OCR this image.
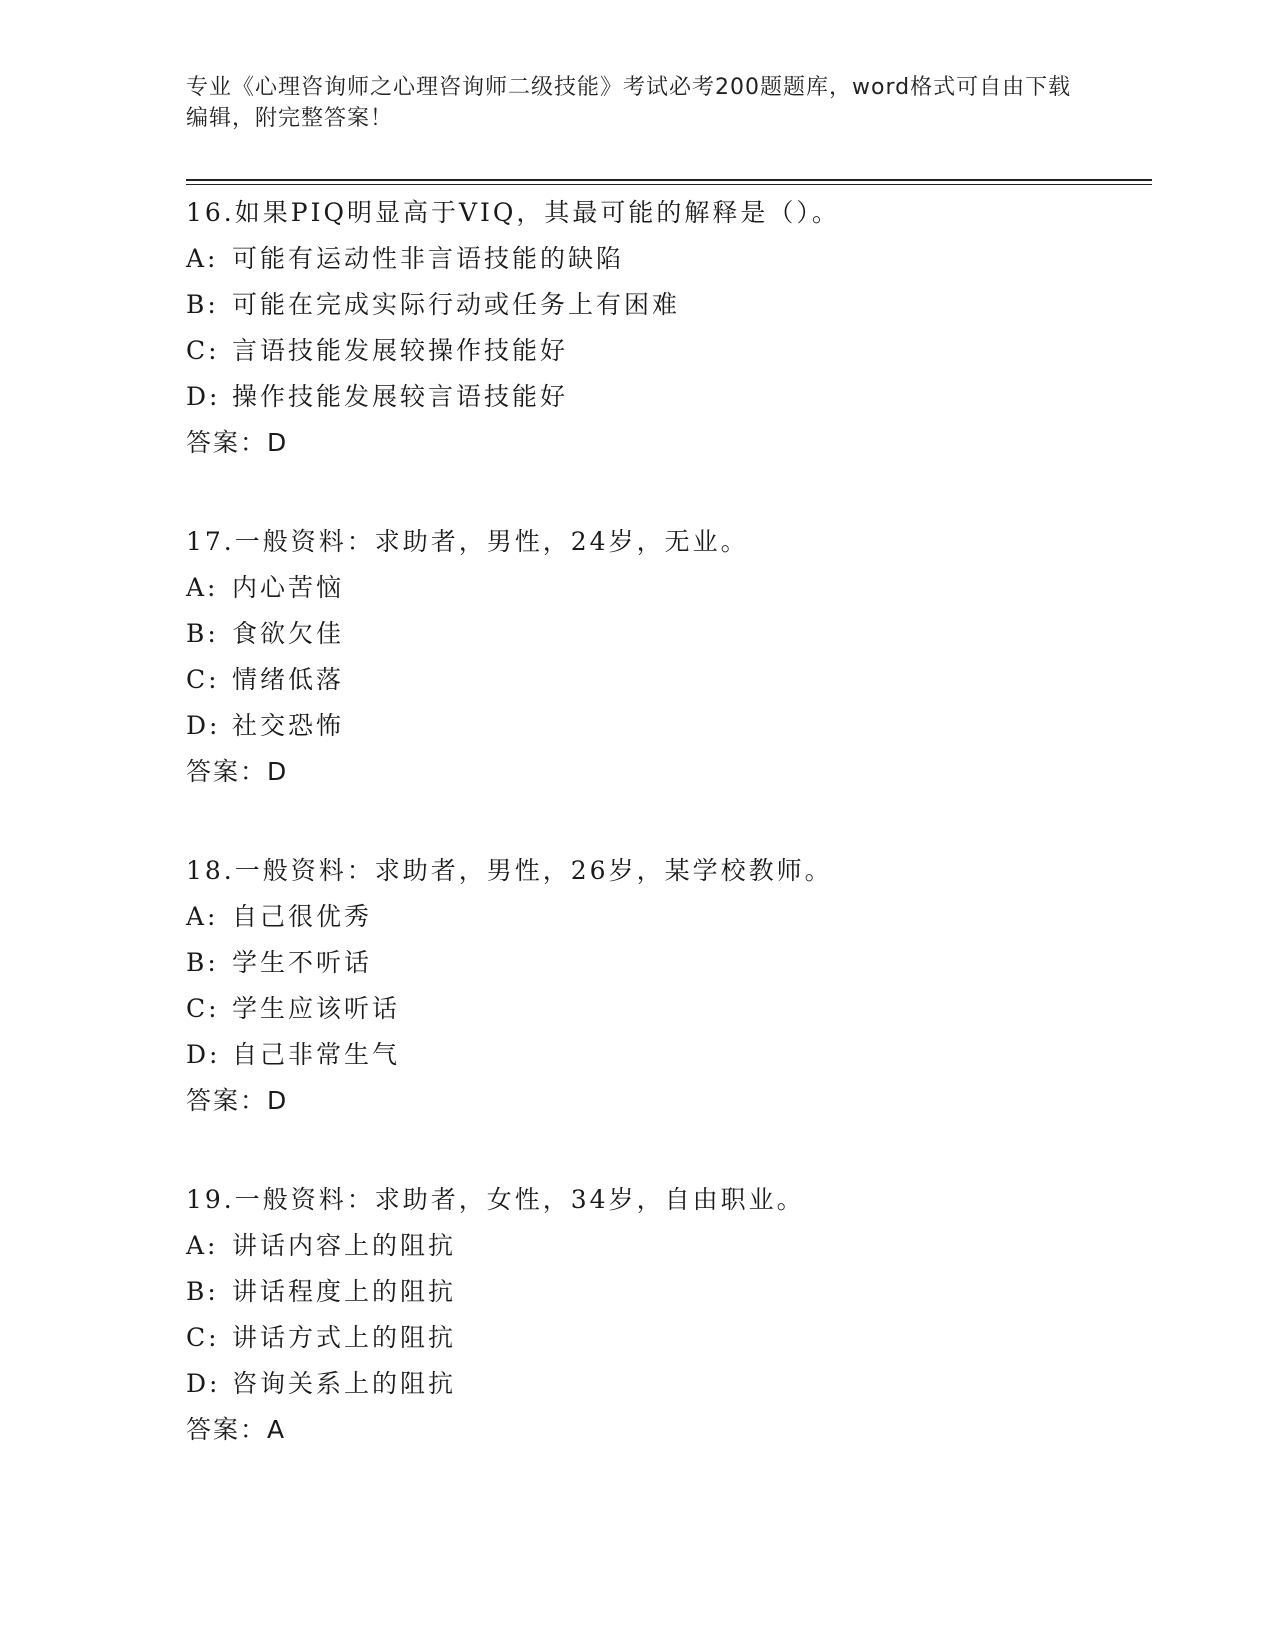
专业《心理咨询师之心理咨询师二级技能》考试必考200题题库，word格式可自由下载编辑，附完整答案！
16.如果PIQ明显高于VIQ，其最可能的解释是（）。
A: 可能有运动性非言语技能的缺陷
B: 可能在完成实际行动或任务上有困难
C: 言语技能发展较操作技能好
D: 操作技能发展较言语技能好
答案：D
17.一般资料：求助者，男性，24岁，无业。
A: 内心苦恼
B: 食欲欠佳
C: 情绪低落
D: 社交恐怖
答案：D
18.一般资料：求助者，男性，26岁，某学校教师。
A: 自己很优秀
B: 学生不听话
C: 学生应该听话
D: 自己非常生气
答案：D
19.一般资料：求助者，女性，34岁，自由职业。
A: 讲话内容上的阻抗
B: 讲话程度上的阻抗
C: 讲话方式上的阻抗
D: 咨询关系上的阻抗
答案：A
